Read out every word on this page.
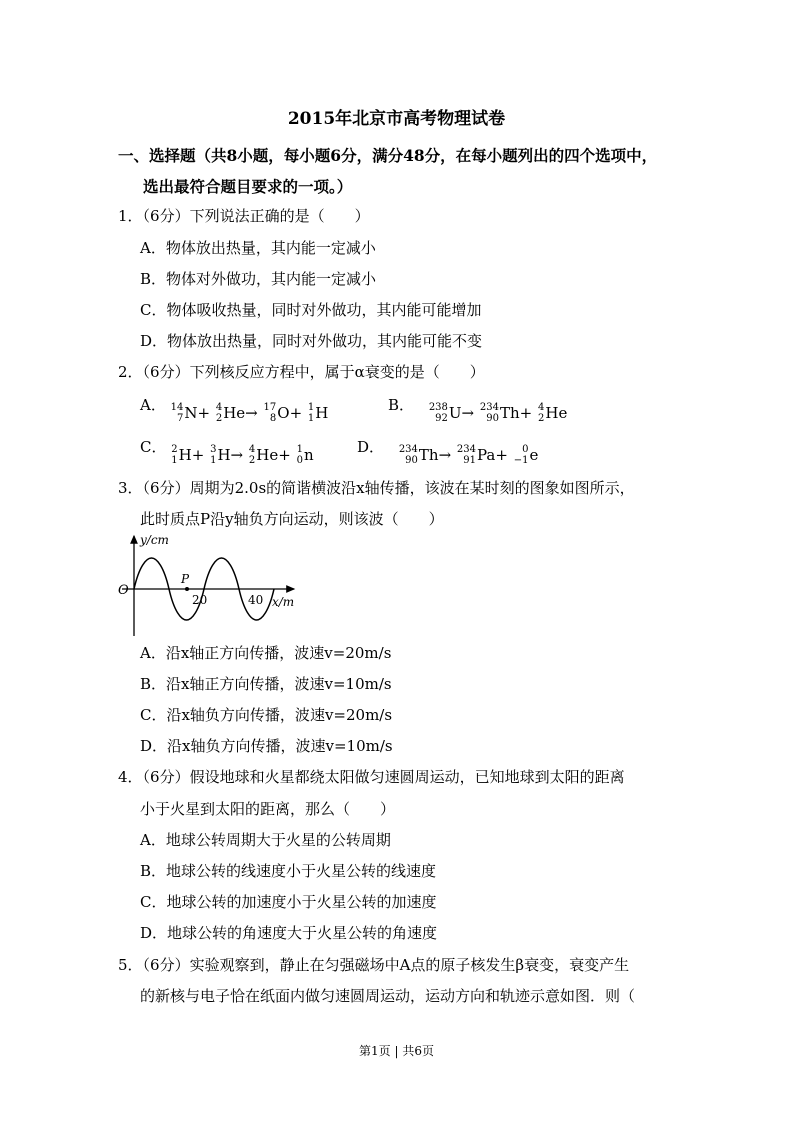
2015年北京市高考物理试卷
一、选择题（共8小题，每小题6分，满分48分，在每小题列出的四个选项中，
选出最符合题目要求的一项。）
1．（6分）下列说法正确的是（　　）
A．物体放出热量，其内能一定减小
B．物体对外做功，其内能一定减小
C．物体吸收热量，同时对外做功，其内能可能增加
D．物体放出热量，同时对外做功，其内能可能不变
2．（6分）下列核反应方程中，属于α衰变的是（　　）
A． 14
7 N+
4
2 He→
17
8 O+
1
1 H	B． 238
92 U→
234
90 Th+
4
2 He
C． 2
1 H+
3
1 H→
4
2 He+
1
0 n	D． 234
90 Th→
234
91 Pa+
0
−1 e
3．（6分）周期为2.0s的简谐横波沿x轴传播，该波在某时刻的图象如图所示，
此时质点P沿y轴负方向运动，则该波（　　）
y/cm
O
P
20	40 x/m
A．沿x轴正方向传播，波速v=20m/s
B．沿x轴正方向传播，波速v=10m/s
C．沿x轴负方向传播，波速v=20m/s
D．沿x轴负方向传播，波速v=10m/s
4．（6分）假设地球和火星都绕太阳做匀速圆周运动，已知地球到太阳的距离
小于火星到太阳的距离，那么（　　）
A．地球公转周期大于火星的公转周期
B．地球公转的线速度小于火星公转的线速度
C．地球公转的加速度小于火星公转的加速度
D．地球公转的角速度大于火星公转的角速度
5．（6分）实验观察到，静止在匀强磁场中A点的原子核发生β衰变，衰变产生
的新核与电子恰在纸面内做匀速圆周运动，运动方向和轨迹示意如图．则（
第1页 | 共6页
